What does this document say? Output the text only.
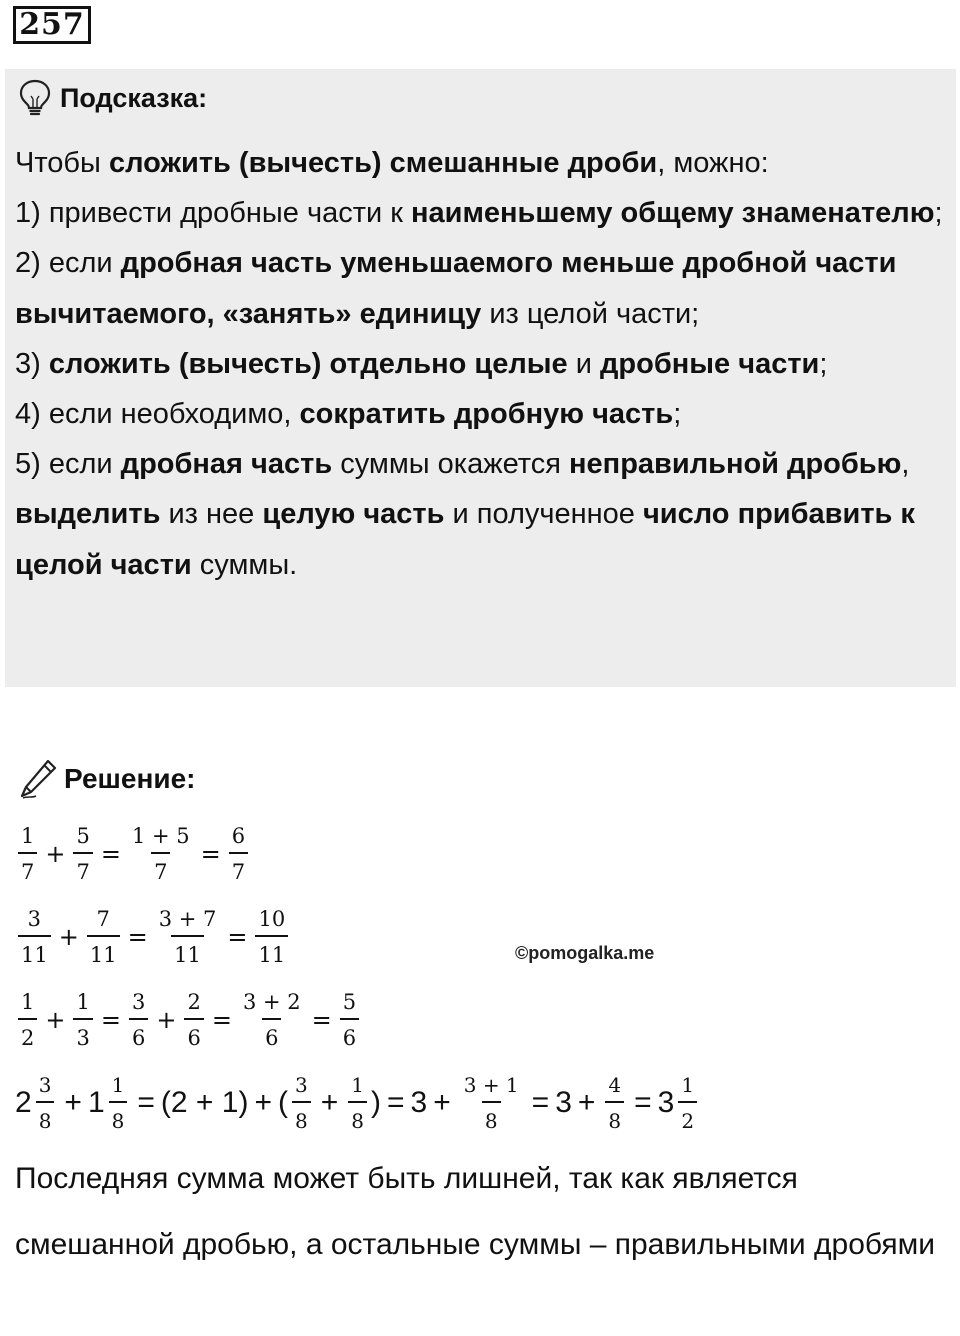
257
Подсказка:

Чтобы сложить (вычесть) смешанные дроби, можно:

1) привести дробные части к наименьшему общему знаменателю;

2) если дробная часть уменьшаемого меньше дробной части вычитаемого, «занять» единицу из целой части;

3) сложить (вычесть) отдельно целые и дробные части;

4) если необходимо, сократить дробную часть;

5) если дробная часть суммы окажется неправильной дробью, выделить из нее целую часть и полученное число прибавить к целой части суммы.

Решение:
$\frac{1}{7} + \frac{5}{7} = \frac{1 + 5}{7} = \frac{6}{7}$
$\frac{3}{11} + \frac{7}{11} = \frac{3 + 7}{11} = \frac{10}{11}$	©pomogalka.me
$\frac{1}{2} + \frac{1}{3} = \frac{3}{6} + \frac{2}{6} = \frac{3 + 2}{6} = \frac{5}{6}$
$2 \frac{3}{8} + 1 \frac{1}{8} = (2 + 1)$ + ( $\frac{3}{8} + \frac{1}{8}$ ) = $3 + \frac{3 + 1}{8} = 3 + \frac{4}{8} = 3 \frac{1}{2}$
Последняя сумма может быть лишней, так как является смешанной дробью, а остальные суммы – правильными дробями
